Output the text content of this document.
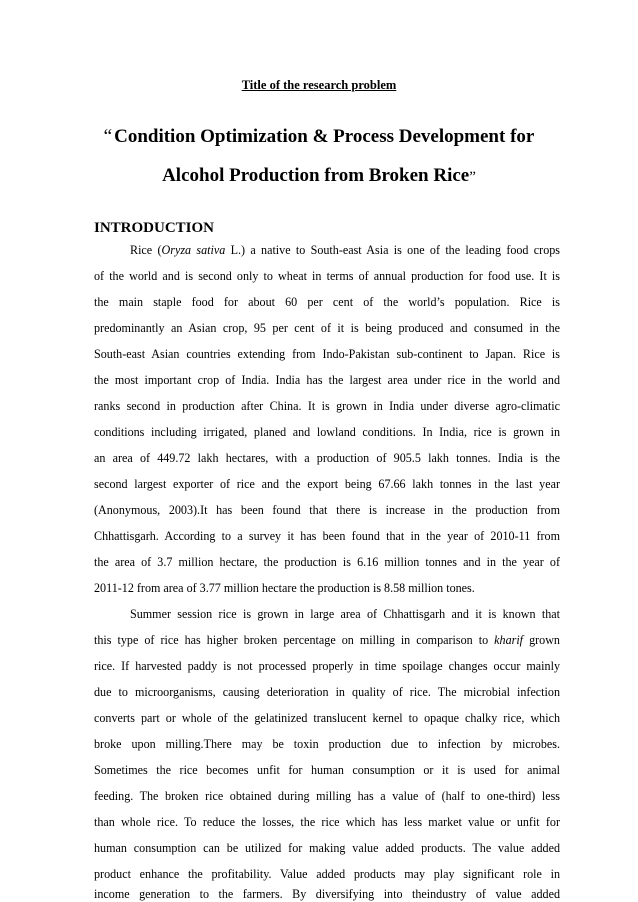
Title of the research problem
“ Condition Optimization & Process Development for
Alcohol Production from Broken Rice”
INTRODUCTION
Rice (Oryza sativa L.) a native to South-east Asia is one of the leading food crops
of the world and is second only to wheat in terms of annual production for food use. It is
the main staple food for about 60 per cent of the world’s population. Rice is
predominantly an Asian crop, 95 per cent of it is being produced and consumed in the
South-east Asian countries extending from Indo-Pakistan sub-continent to Japan. Rice is
the most important crop of India. India has the largest area under rice in the world and
ranks second in production after China. It is grown in India under diverse agro-climatic
conditions including irrigated, planed and lowland conditions. In India, rice is grown in
an area of 449.72 lakh hectares, with a production of 905.5 lakh tonnes. India is the
second largest exporter of rice and the export being 67.66 lakh tonnes in the last year
(Anonymous, 2003).It has been found that there is increase in the production from
Chhattisgarh. According to a survey it has been found that in the year of 2010-11 from
the area of 3.7 million hectare, the production is 6.16 million tonnes and in the year of
2011-12 from area of 3.77 million hectare the production is 8.58 million tones.
Summer session rice is grown in large area of Chhattisgarh and it is known that
this type of rice has higher broken percentage on milling in comparison to kharif grown
rice. If harvested paddy is not processed properly in time spoilage changes occur mainly
due to microorganisms, causing deterioration in quality of rice. The microbial infection
converts part or whole of the gelatinized translucent kernel to opaque chalky rice, which
broke upon milling.There may be toxin production due to infection by microbes.
Sometimes the rice becomes unfit for human consumption or it is used for animal
feeding. The broken rice obtained during milling has a value of (half to one-third) less
than whole rice. To reduce the losses, the rice which has less market value or unfit for
human consumption can be utilized for making value added products. The value added
product enhance the profitability. Value added products may play significant role in
income generation to the farmers. By diversifying into theindustry of value added
